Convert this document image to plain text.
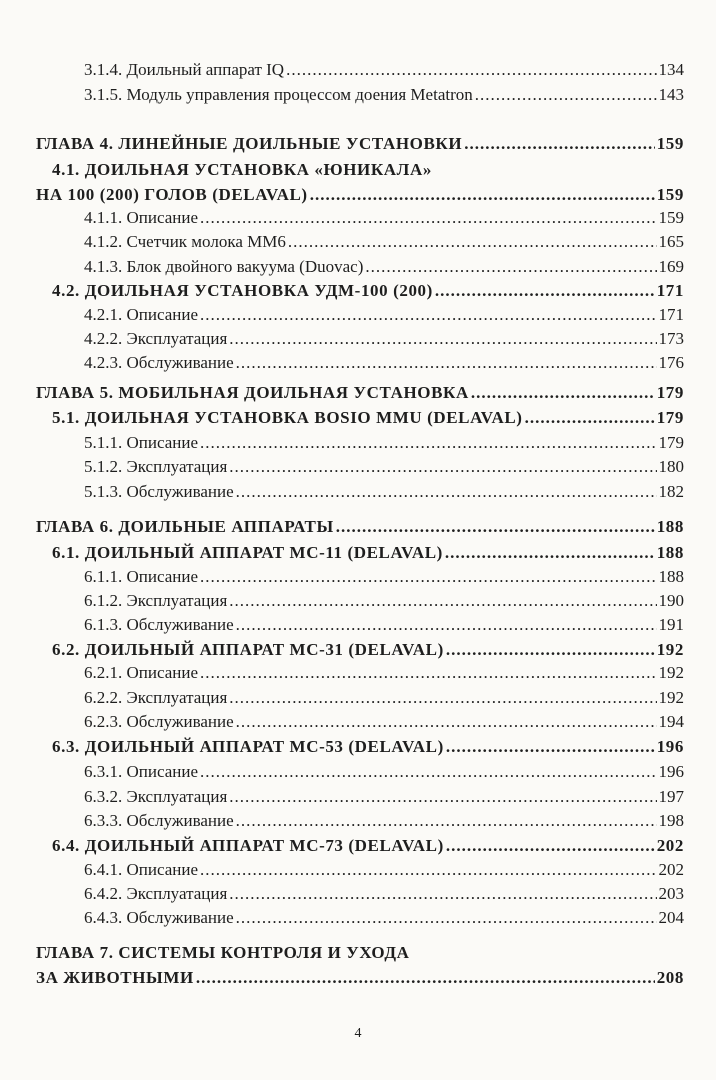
3.1.4. Доильный аппарат IQ .....	134
3.1.5. Модуль управления процессом доения Metatron .....	143
ГЛАВА 4. ЛИНЕЙНЫЕ ДОИЛЬНЫЕ УСТАНОВКИ .....	159
4.1. ДОИЛЬНАЯ УСТАНОВКА «ЮНИКАЛА»
НА 100 (200) ГОЛОВ (DELAVAL) .....	159
4.1.1. Описание .....	159
4.1.2. Счетчик молока ММ6 .....	165
4.1.3. Блок двойного вакуума (Duovac) .....	169
4.2. ДОИЛЬНАЯ УСТАНОВКА УДМ-100 (200) .....	171
4.2.1. Описание .....	171
4.2.2. Эксплуатация .....	173
4.2.3. Обслуживание .....	176
ГЛАВА 5. МОБИЛЬНАЯ ДОИЛЬНАЯ УСТАНОВКА .....	179
5.1. ДОИЛЬНАЯ УСТАНОВКА BOSIO MMU (DELAVAL) .....	179
5.1.1. Описание .....	179
5.1.2. Эксплуатация .....	180
5.1.3. Обслуживание .....	182
ГЛАВА 6. ДОИЛЬНЫЕ АППАРАТЫ .....	188
6.1. ДОИЛЬНЫЙ АППАРАТ МС-11 (DELAVAL) .....	188
6.1.1. Описание .....	188
6.1.2. Эксплуатация .....	190
6.1.3. Обслуживание .....	191
6.2. ДОИЛЬНЫЙ АППАРАТ МС-31 (DELAVAL) .....	192
6.2.1. Описание .....	192
6.2.2. Эксплуатация .....	192
6.2.3. Обслуживание .....	194
6.3. ДОИЛЬНЫЙ АППАРАТ МС-53 (DELAVAL) .....	196
6.3.1. Описание .....	196
6.3.2. Эксплуатация .....	197
6.3.3. Обслуживание .....	198
6.4. ДОИЛЬНЫЙ АППАРАТ МС-73 (DELAVAL) .....	202
6.4.1. Описание .....	202
6.4.2. Эксплуатация .....	203
6.4.3. Обслуживание .....	204
ГЛАВА 7. СИСТЕМЫ КОНТРОЛЯ И УХОДА
ЗА ЖИВОТНЫМИ .....	208
4
